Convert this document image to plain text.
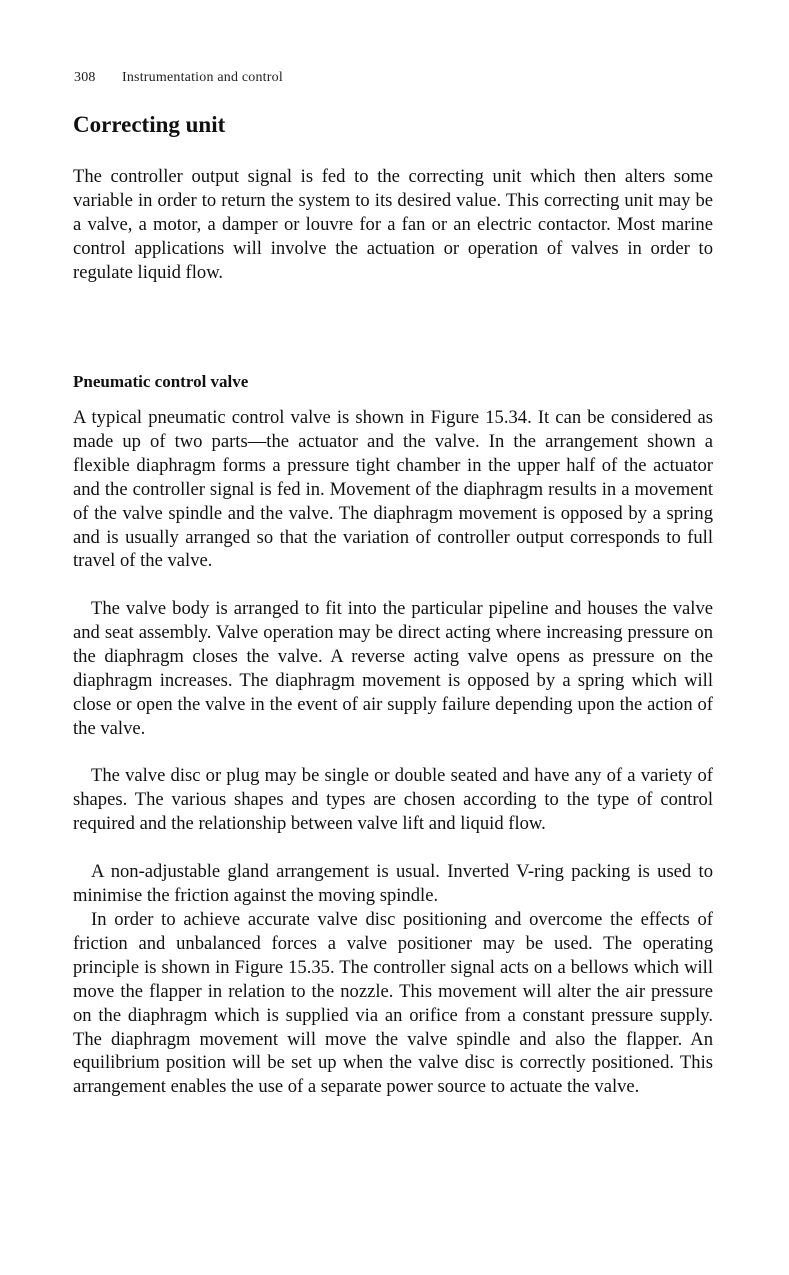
308 Instrumentation and control
Correcting unit

The controller output signal is fed to the correcting unit which then alters some variable in order to return the system to its desired value. This correcting unit may be a valve, a motor, a damper or louvre for a fan or an electric contactor. Most marine control applications will involve the actuation or operation of valves in order to regulate liquid flow.

Pneumatic control valve

A typical pneumatic control valve is shown in Figure 15.34. It can be considered as made up of two parts—the actuator and the valve. In the arrangement shown a flexible diaphragm forms a pressure tight chamber in the upper half of the actuator and the controller signal is fed in. Movement of the diaphragm results in a movement of the valve spindle and the valve. The diaphragm movement is opposed by a spring and is usually arranged so that the variation of controller output corresponds to full travel of the valve.

The valve body is arranged to fit into the particular pipeline and houses the valve and seat assembly. Valve operation may be direct acting where increasing pressure on the diaphragm closes the valve. A reverse acting valve opens as pressure on the diaphragm increases. The diaphragm movement is opposed by a spring which will close or open the valve in the event of air supply failure depending upon the action of the valve.

The valve disc or plug may be single or double seated and have any of a variety of shapes. The various shapes and types are chosen according to the type of control required and the relationship between valve lift and liquid flow.

A non-adjustable gland arrangement is usual. Inverted V-ring packing is used to minimise the friction against the moving spindle.

In order to achieve accurate valve disc positioning and overcome the effects of friction and unbalanced forces a valve positioner may be used. The operating principle is shown in Figure 15.35. The controller signal acts on a bellows which will move the flapper in relation to the nozzle. This movement will alter the air pressure on the diaphragm which is supplied via an orifice from a constant pressure supply. The diaphragm movement will move the valve spindle and also the flapper. An equilibrium position will be set up when the valve disc is correctly positioned. This arrangement enables the use of a separate power source to actuate the valve.
